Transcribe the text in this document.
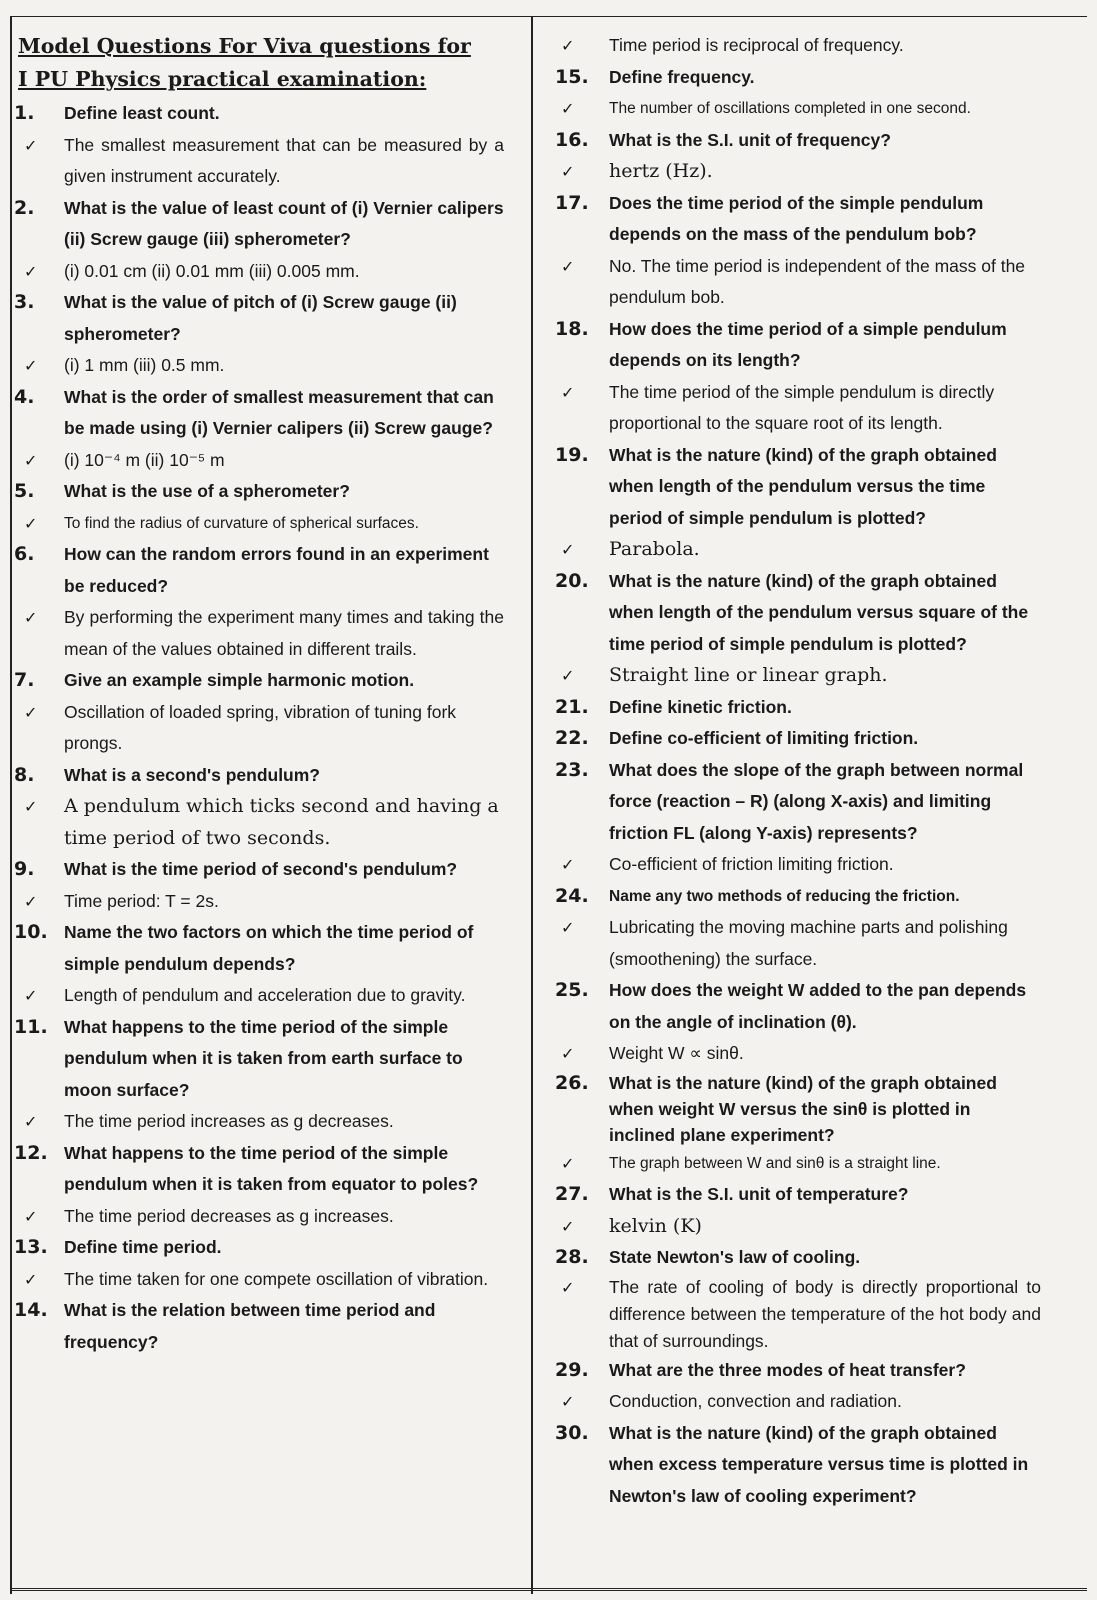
Model Questions For Viva questions for
I PU Physics practical examination:
1. Define least count.
✓ The smallest measurement that can be measured by a given instrument accurately.
2. What is the value of least count of (i) Vernier calipers (ii) Screw gauge (iii) spherometer?
✓ (i) 0.01 cm (ii) 0.01 mm (iii) 0.005 mm.
3. What is the value of pitch of (i) Screw gauge (ii) spherometer?
✓ (i) 1 mm (iii) 0.5 mm.
4. What is the order of smallest measurement that can be made using (i) Vernier calipers (ii) Screw gauge?
✓ (i) 10⁻⁴ m (ii) 10⁻⁵ m
5. What is the use of a spherometer?
✓ To find the radius of curvature of spherical surfaces.
6. How can the random errors found in an experiment be reduced?
✓ By performing the experiment many times and taking the mean of the values obtained in different trails.
7. Give an example simple harmonic motion.
✓ Oscillation of loaded spring, vibration of tuning fork prongs.
8. What is a second's pendulum?
✓ A pendulum which ticks second and having a time period of two seconds.
9. What is the time period of second's pendulum?
✓ Time period: T = 2s.
10. Name the two factors on which the time period of simple pendulum depends?
✓ Length of pendulum and acceleration due to gravity.
11. What happens to the time period of the simple pendulum when it is taken from earth surface to moon surface?
✓ The time period increases as g decreases.
12. What happens to the time period of the simple pendulum when it is taken from equator to poles?
✓ The time period decreases as g increases.
13. Define time period.
✓ The time taken for one compete oscillation of vibration.
14. What is the relation between time period and frequency?
✓ Time period is reciprocal of frequency.
15. Define frequency.
✓ The number of oscillations completed in one second.
16. What is the S.I. unit of frequency?
✓ hertz (Hz).
17. Does the time period of the simple pendulum depends on the mass of the pendulum bob?
✓ No. The time period is independent of the mass of the pendulum bob.
18. How does the time period of a simple pendulum depends on its length?
✓ The time period of the simple pendulum is directly proportional to the square root of its length.
19. What is the nature (kind) of the graph obtained when length of the pendulum versus the time period of simple pendulum is plotted?
✓ Parabola.
20. What is the nature (kind) of the graph obtained when length of the pendulum versus square of the time period of simple pendulum is plotted?
✓ Straight line or linear graph.
21. Define kinetic friction.
22. Define co-efficient of limiting friction.
23. What does the slope of the graph between normal force (reaction – R) (along X-axis) and limiting friction FL (along Y-axis) represents?
✓ Co-efficient of friction limiting friction.
24. Name any two methods of reducing the friction.
✓ Lubricating the moving machine parts and polishing (smoothening) the surface.
25. How does the weight W added to the pan depends on the angle of inclination (θ).
✓ Weight W ∝ sinθ.
26. What is the nature (kind) of the graph obtained when weight W versus the sinθ is plotted in inclined plane experiment?
✓ The graph between W and sinθ is a straight line.
27. What is the S.I. unit of temperature?
✓ kelvin (K)
28. State Newton's law of cooling.
✓ The rate of cooling of body is directly proportional to difference between the temperature of the hot body and that of surroundings.
29. What are the three modes of heat transfer?
✓ Conduction, convection and radiation.
30. What is the nature (kind) of the graph obtained when excess temperature versus time is plotted in Newton's law of cooling experiment?
